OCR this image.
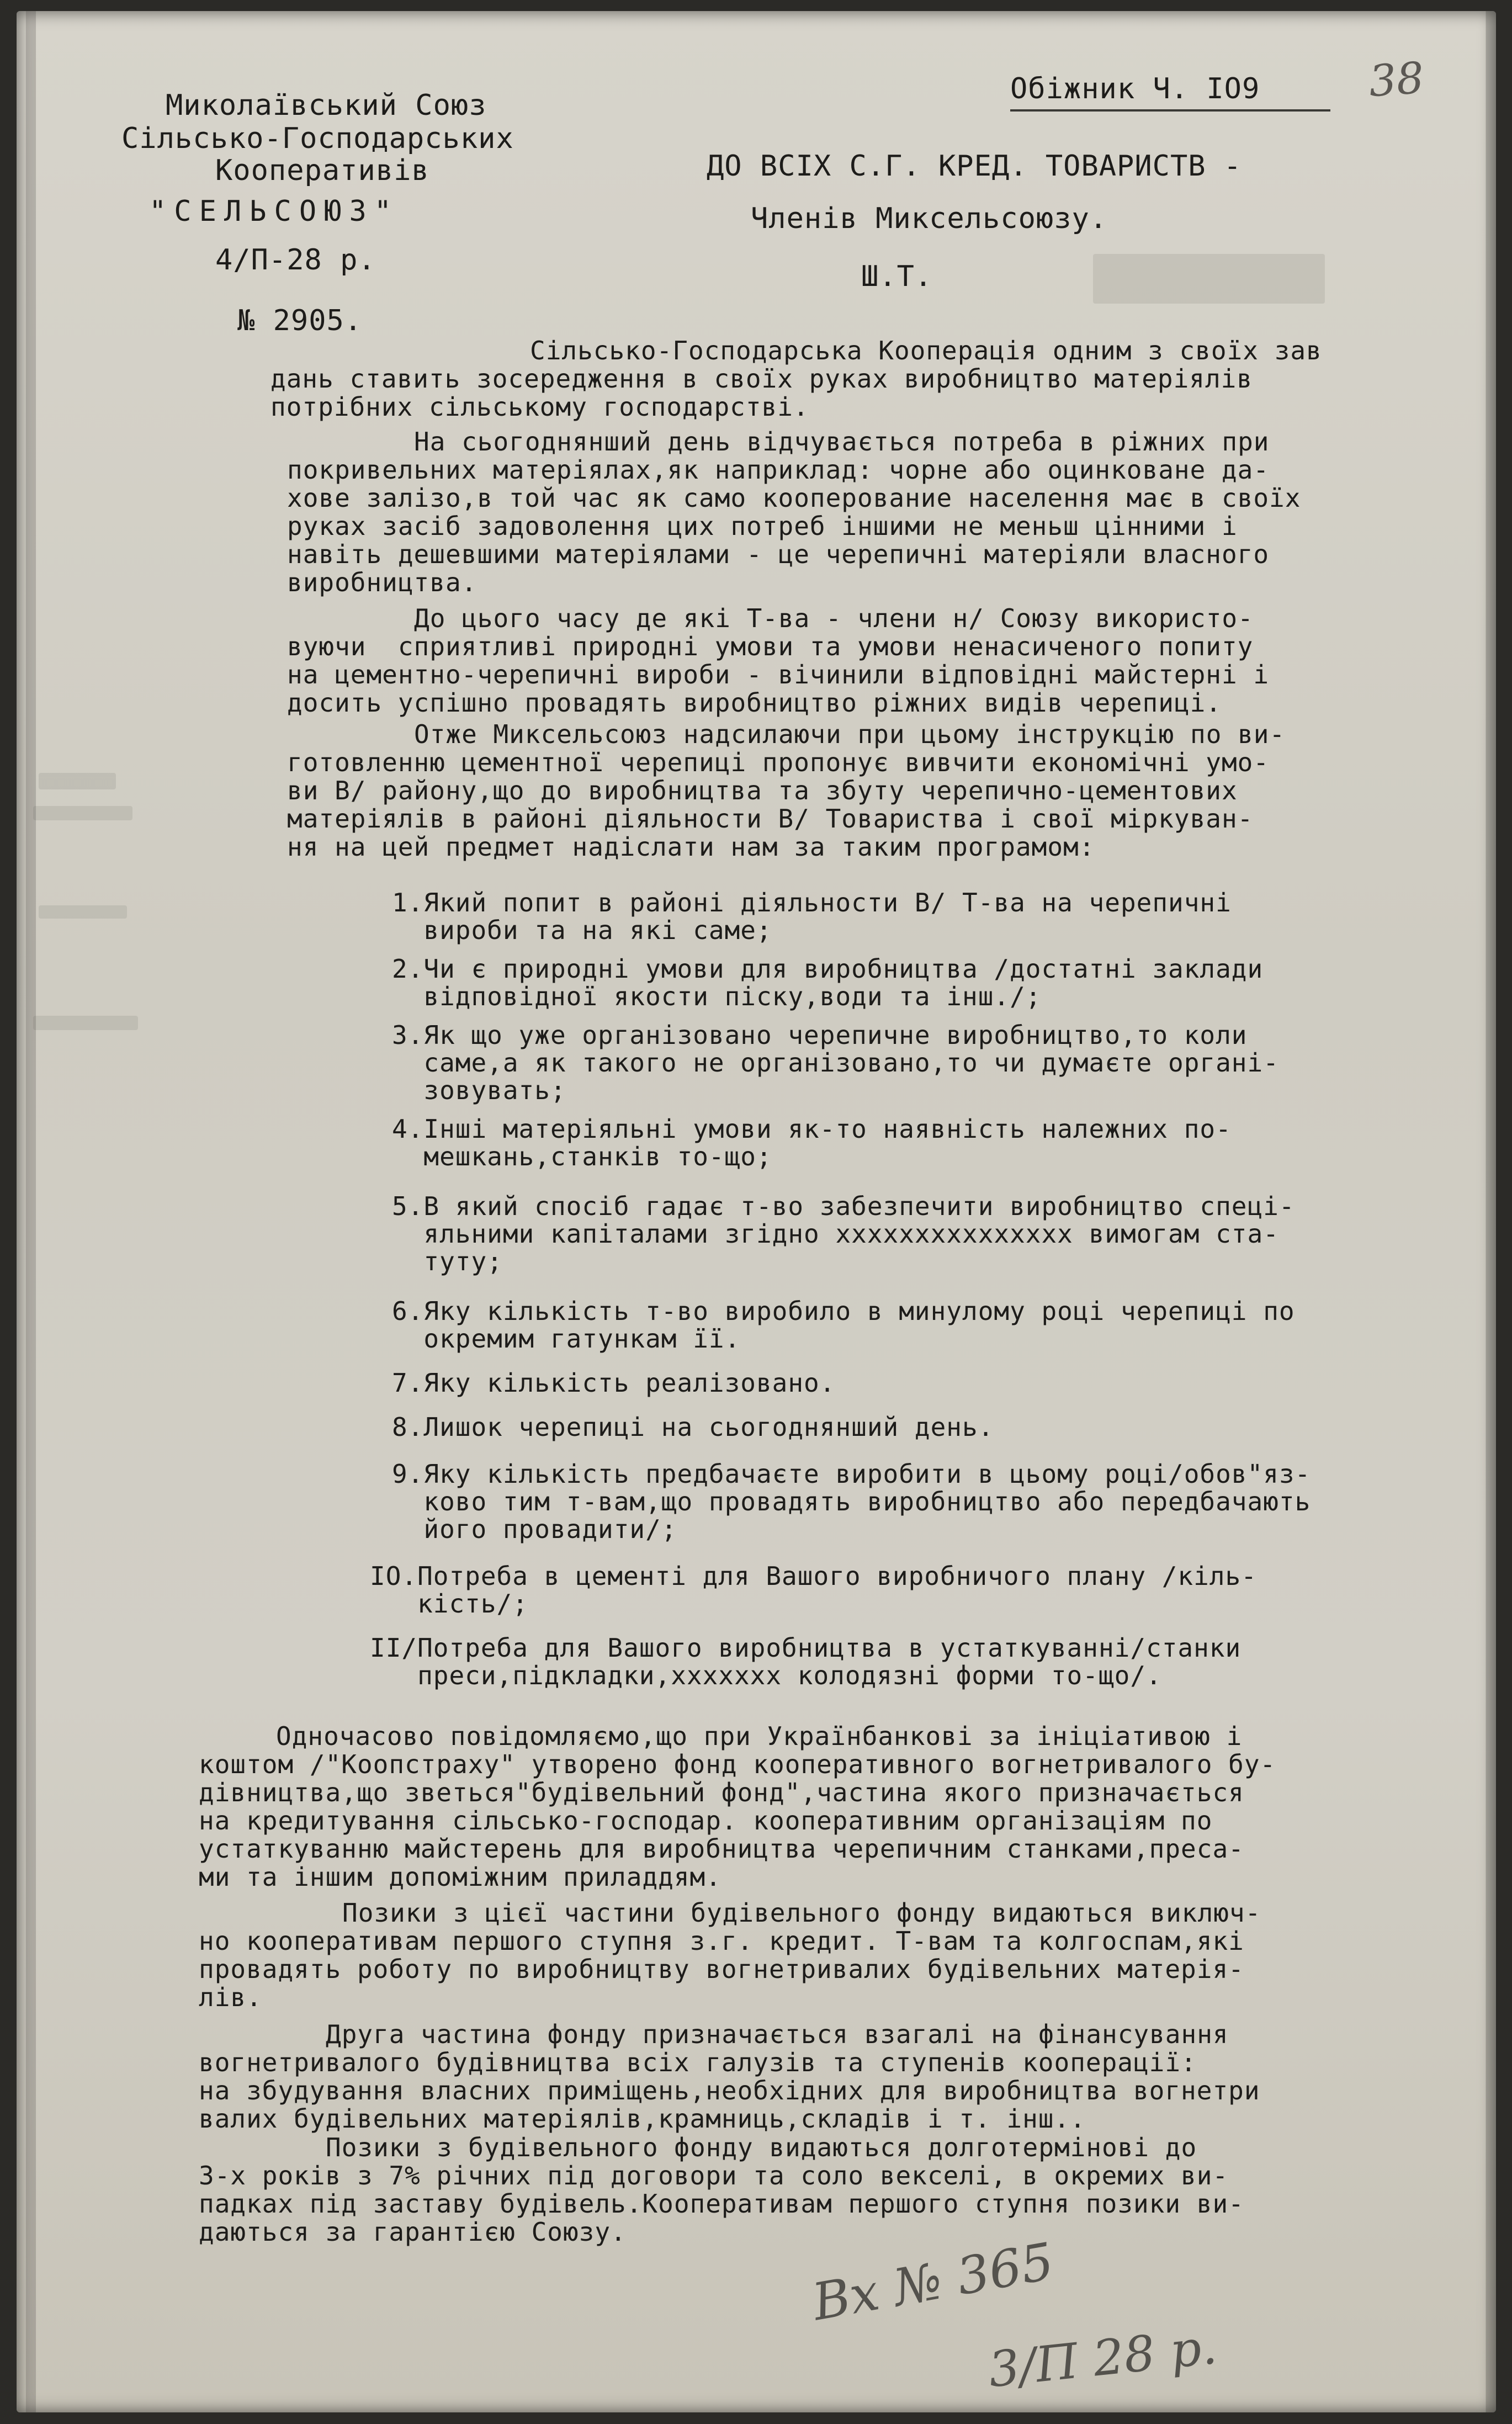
38
Обіжник Ч. IO9
Миколаївський Союз
Сільсько-Господарських
Кооперативів
"СЕЛЬСОЮЗ"
4/П-28 р.
№ 2905.
ДО ВСІХ С.Г. КРЕД. ТОВАРИСТВ -
Членів Миксельсоюзу.
Ш.Т.
Сільсько-Господарська Кооперація одним з своїх зав
дань ставить зосередження в своїх руках виробництво матеріялів
потрібних сільському господарстві.
На сьогоднянший день відчувається потреба в ріжних при
покривельних матеріялах,як наприклад: чорне або оцинковане да-
хове залізо,в той час як само кооперование населення має в своїх
руках засіб задоволення цих потреб іншими не меньш цінними і
навіть дешевшими матеріялами - це черепичні матеріяли власного
виробництва.
До цього часу де які Т-ва - члени н/ Союзу використо-
вуючи  сприятливі природні умови та умови ненасиченого попиту
на цементно-черепичні вироби - вічинили відповідні майстерні і
досить успішно провадять виробництво ріжних видів черепиці.
Отже Миксельсоюз надсилаючи при цьому інструкцію по ви-
готовленню цементної черепиці пропонує вивчити економічні умо-
ви В/ району,що до виробництва та збуту черепично-цементових
матеріялів в районі діяльности В/ Товариства і свої міркуван-
ня на цей предмет надіслати нам за таким програмом:
1.Який попит в районі діяльности В/ Т-ва на черепичні
вироби та на які саме;
2.Чи є природні умови для виробництва /достатні заклади
відповідної якости піску,води та інш./;
3.Як що уже організовано черепичне виробництво,то коли
саме,а як такого не організовано,то чи думаєте органі-
зовувать;
4.Інші матеріяльні умови як-то наявність належних по-
мешкань,станків то-що;
5.В який спосіб гадає т-во забезпечити виробництво спеці-
яльними капіталами згідно xxxxxxxxxxxxxxx вимогам ста-
туту;
6.Яку кількість т-во виробило в минулому році черепиці по
окремим гатункам її.
7.Яку кількість реалізовано.
8.Лишок черепиці на сьогоднянший день.
9.Яку кількість предбачаєте виробити в цьому році/обов"яз-
ково тим т-вам,що провадять виробництво або передбачають
його провадити/;
IO.Потреба в цементі для Вашого виробничого плану /кіль-
кість/;
II/Потреба для Вашого виробництва в устаткуванні/станки
преси,підкладки,xxxxxxx колодязні форми то-що/.
Одночасово повідомляємо,що при Українбанкові за ініціативою і
коштом /"Коопстраху" утворено фонд кооперативного вогнетривалого бу-
дівництва,що зветься"будівельний фонд",частина якого призначається
на кредитування сільсько-господар. кооперативним організаціям по
устаткуванню майстерень для виробництва черепичним станками,преса-
ми та іншим допоміжним приладдям.
Позики з цієї частини будівельного фонду видаються виключ-
но кооперативам першого ступня з.г. кредит. Т-вам та колгоспам,які
провадять роботу по виробництву вогнетривалих будівельних матерія-
лів.
Друга частина фонду призначається взагалі на фінансування
вогнетривалого будівництва всіх галузів та ступенів кооперації:
на збудування власних приміщень,необхідних для виробництва вогнетри
валих будівельних матеріялів,крамниць,складів і т. інш..
Позики з будівельного фонду видаються долготермінові до
3-х років з 7% річних під договори та соло векселі, в окремих ви-
падках під заставу будівель.Кооперативам першого ступня позики ви-
даються за гарантією Союзу.	Вх № 365
3/П 28 р.
